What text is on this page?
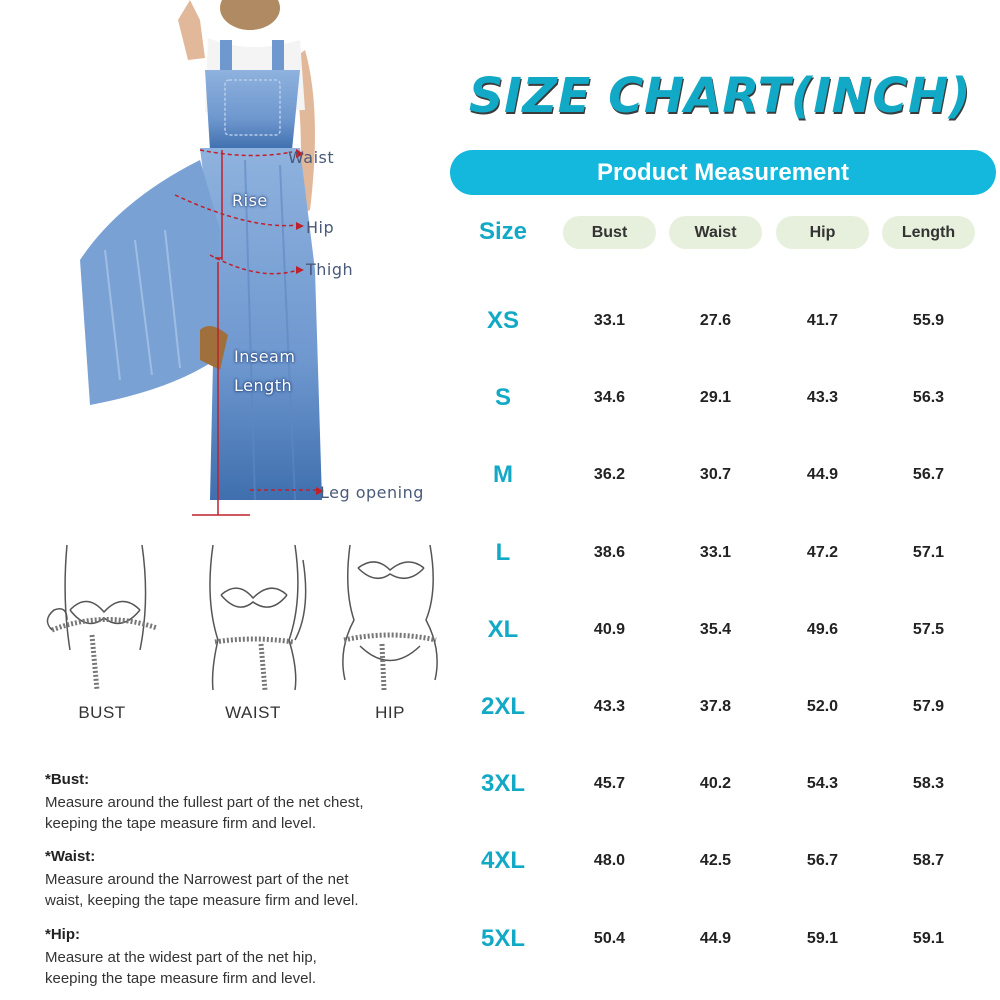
Waist
Rise
Hip
Thigh
Inseam
Length
Leg opening
BUST	WAIST	HIP
*Bust:
Measure around the fullest part of the net chest,
keeping the tape measure firm and level.
*Waist:
Measure around the Narrowest part of the net
waist, keeping the tape measure firm and level.
*Hip:
Measure at the widest part of the net hip,
keeping the tape measure firm and level.
SIZE CHART(INCH)
Product Measurement
Size	Bust	Waist	Hip	Length
XS	33.1	27.6	41.7	55.9
S	34.6	29.1	43.3	56.3
M	36.2	30.7	44.9	56.7
L	38.6	33.1	47.2	57.1
XL	40.9	35.4	49.6	57.5
2XL	43.3	37.8	52.0	57.9
3XL	45.7	40.2	54.3	58.3
4XL	48.0	42.5	56.7	58.7
5XL	50.4	44.9	59.1	59.1
